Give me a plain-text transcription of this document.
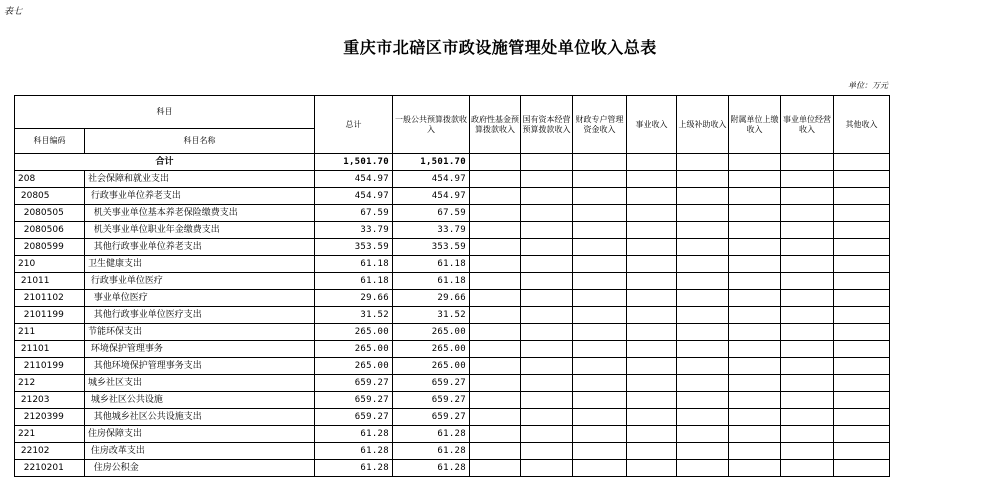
表七
重庆市北碚区市政设施管理处单位收入总表
单位：万元
科目		总计	一般公共预算拨款收入	政府性基金预算拨款收入	国有资本经营预算拨款收入	财政专户管理资金收入	事业收入	上级补助收入	附属单位上缴收入	事业单位经营收入	其他收入
科目编码	科目名称										
合计		1,501.70	1,501.70								
208	社会保障和就业支出	454.97	454.97								
20805	行政事业单位养老支出	454.97	454.97								
2080505	机关事业单位基本养老保险缴费支出	67.59	67.59								
2080506	机关事业单位职业年金缴费支出	33.79	33.79								
2080599	其他行政事业单位养老支出	353.59	353.59								
210	卫生健康支出	61.18	61.18								
21011	行政事业单位医疗	61.18	61.18								
2101102	事业单位医疗	29.66	29.66								
2101199	其他行政事业单位医疗支出	31.52	31.52								
211	节能环保支出	265.00	265.00								
21101	环境保护管理事务	265.00	265.00								
2110199	其他环境保护管理事务支出	265.00	265.00								
212	城乡社区支出	659.27	659.27								
21203	城乡社区公共设施	659.27	659.27								
2120399	其他城乡社区公共设施支出	659.27	659.27								
221	住房保障支出	61.28	61.28								
22102	住房改革支出	61.28	61.28								
2210201	住房公积金	61.28	61.28								
